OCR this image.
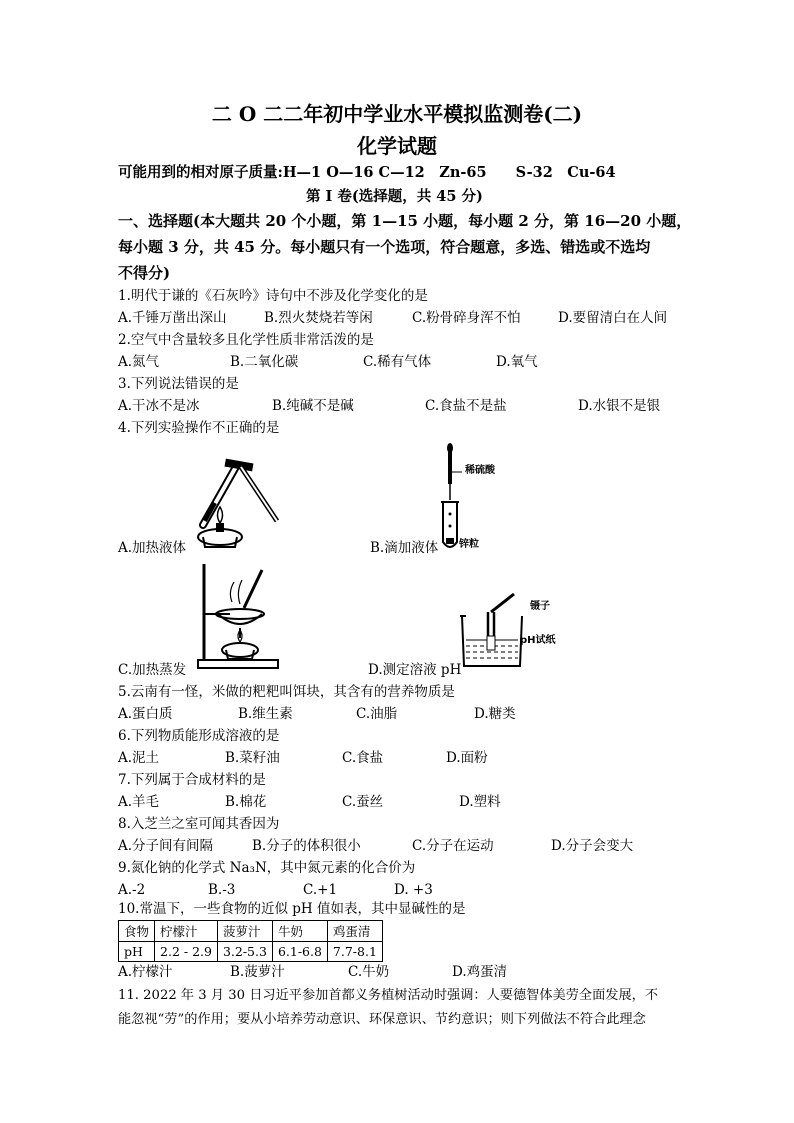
二 O 二二年初中学业水平模拟监测卷(二)
化学试题
可能用到的相对原子质量:H—1 O—16 C—12　Zn-65　　S-32　Cu-64
第 I 卷(选择题，共 45 分)
一、选择题(本大题共 20 个小题，第 1—15 小题，每小题 2 分，第 16—20 小题，
每小题 3 分，共 45 分。每小题只有一个选项，符合题意，多选、错选或不选均
不得分)
1.明代于谦的《石灰吟》诗句中不涉及化学变化的是
A.千锤万凿出深山	B.烈火焚烧若等闲	C.粉骨碎身浑不怕	D.要留清白在人间
2.空气中含量较多且化学性质非常活泼的是
A.氮气	B.二氧化碳	C.稀有气体	D.氧气
3.下列说法错误的是
A.干冰不是冰	B.纯碱不是碱	C.食盐不是盐	D.水银不是银
4.下列实验操作不正确的是
A.加热液体
稀硫酸
锌粒
B.滴加液体
C.加热蒸发
镊子
pH试纸
D.测定溶液 pH
5.云南有一怪，米做的粑粑叫饵块，其含有的营养物质是
A.蛋白质	B.维生素	C.油脂	D.糖类
6.下列物质能形成溶液的是
A.泥土	B.菜籽油	C.食盐	D.面粉
7.下列属于合成材料的是
A.羊毛	B.棉花	C.蚕丝	D.塑料
8.入芝兰之室可闻其香因为
A.分子间有间隔	B.分子的体积很小	C.分子在运动	D.分子会变大
9.氮化钠的化学式 Na₃N，其中氮元素的化合价为
A.-2	B.-3	C.+1	D. +3
10.常温下，一些食物的近似 pH 值如表，其中显碱性的是
食物	柠檬汁	菠萝汁	牛奶	鸡蛋清
pH	2.2 - 2.9	3.2-5.3	6.1-6.8	7.7-8.1
A.柠檬汁	B.菠萝汁	C.牛奶	D.鸡蛋清
11. 2022 年 3 月 30 日习近平参加首都义务植树活动时强调：人要德智体美劳全面发展，不
能忽视“劳”的作用；要从小培养劳动意识、环保意识、节约意识；则下列做法不符合此理念
